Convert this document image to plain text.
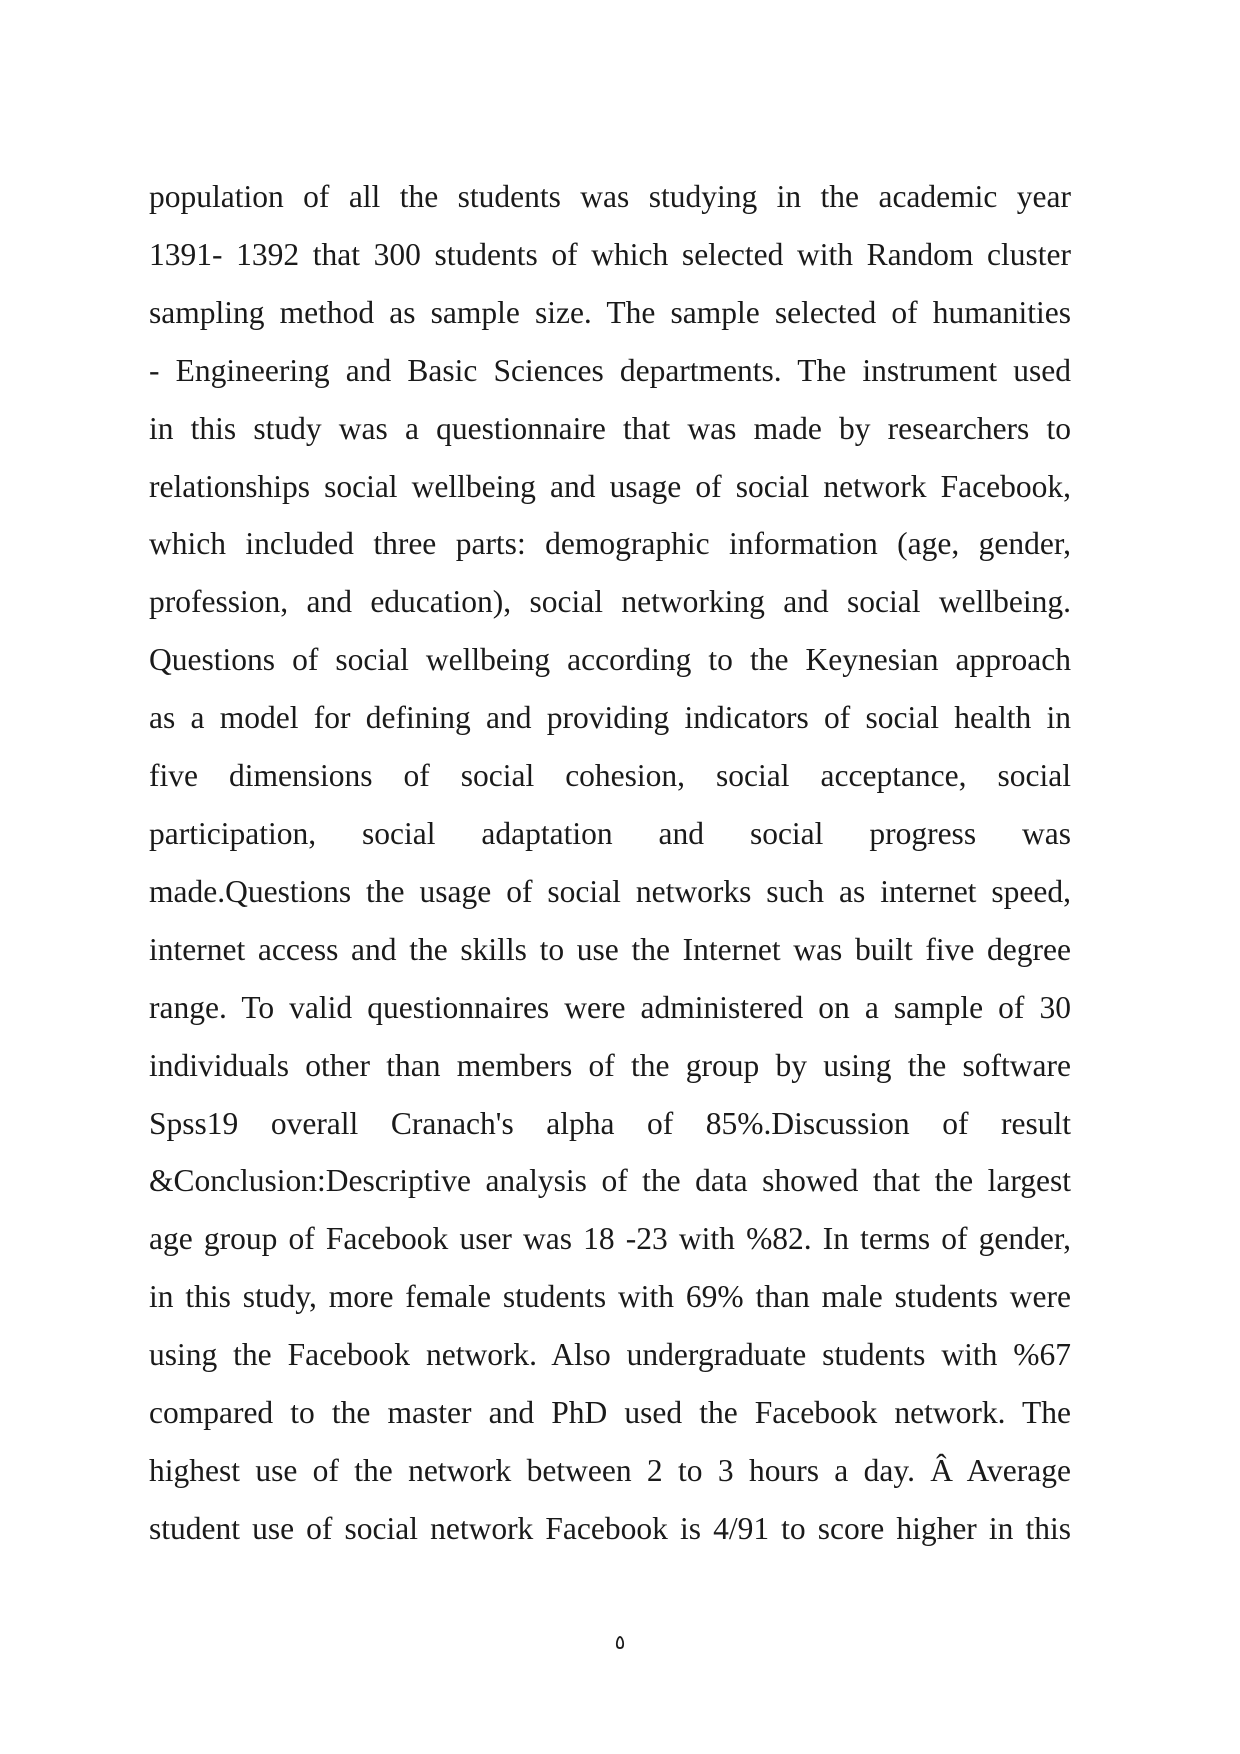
population of all the students was studying in the academic year
1391- 1392 that 300 students of which selected with Random cluster
sampling method as sample size. The sample selected of humanities
- Engineering and Basic Sciences departments. The instrument used
in this study was a questionnaire that was made by researchers to
relationships social wellbeing and usage of social network Facebook,
which included three parts: demographic information (age, gender,
profession, and education), social networking and social wellbeing.
Questions of social wellbeing according to the Keynesian approach
as a model for defining and providing indicators of social health in
five dimensions of social cohesion, social acceptance, social
participation, social adaptation and social progress was
made.Questions the usage of social networks such as internet speed,
internet access and the skills to use the Internet was built five degree
range. To valid questionnaires were administered on a sample of 30
individuals other than members of the group by using the software
Spss19 overall Cranach's alpha of 85%.Discussion of result
&Conclusion:Descriptive analysis of the data showed that the largest
age group of Facebook user was 18 -23 with %82. In terms of gender,
in this study, more female students with 69% than male students were
using the Facebook network. Also undergraduate students with %67
compared to the master and PhD used the Facebook network. The
highest use of the network between 2 to 3 hours a day. Â Average
student use of social network Facebook is 4/91 to score higher in this
٥
